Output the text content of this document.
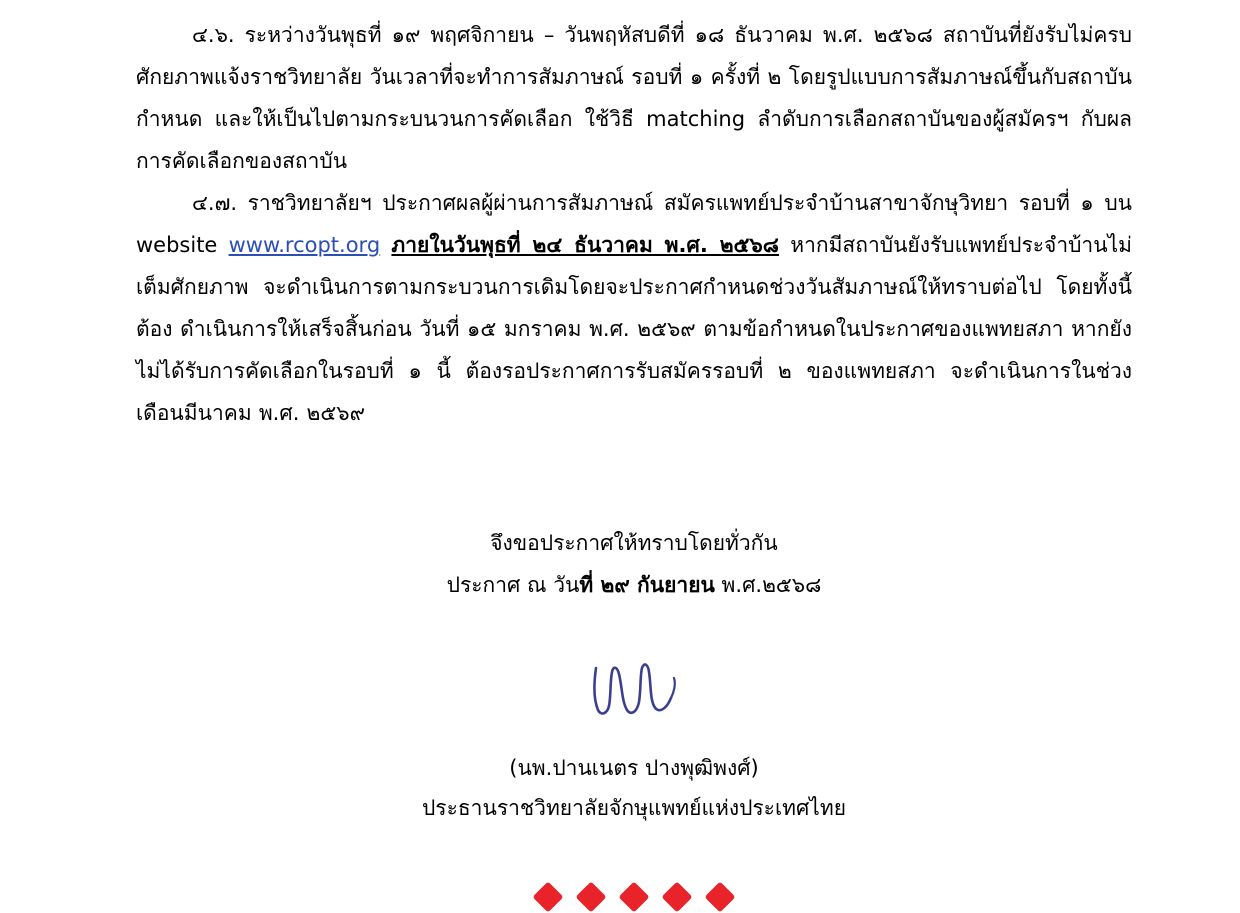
๔.๖. ระหว่างวันพุธที่ ๑๙ พฤศจิกายน – วันพฤหัสบดีที่ ๑๘ ธันวาคม พ.ศ. ๒๕๖๘ สถาบันที่ยังรับไม่ครบศักยภาพแจ้งราชวิทยาลัย วันเวลาที่จะทำการสัมภาษณ์ รอบที่ ๑ ครั้งที่ ๒ โดยรูปแบบการสัมภาษณ์ขึ้นกับสถาบันกำหนด และให้เป็นไปตามกระบนวนการคัดเลือก ใช้วิธี matching ลำดับการเลือกสถาบันของผู้สมัครฯ กับผลการคัดเลือกของสถาบัน

๔.๗. ราชวิทยาลัยฯ ประกาศผลผู้ผ่านการสัมภาษณ์ สมัครแพทย์ประจำบ้านสาขาจักษุวิทยา รอบที่ ๑ บน website www.rcopt.org ภายในวันพุธที่ ๒๔ ธันวาคม พ.ศ. ๒๕๖๘ หากมีสถาบันยังรับแพทย์ประจำบ้านไม่เต็มศักยภาพ จะดำเนินการตามกระบวนการเดิมโดยจะประกาศกำหนดช่วงวันสัมภาษณ์ให้ทราบต่อไป โดยทั้งนี้ต้อง ดำเนินการให้เสร็จสิ้นก่อน วันที่ ๑๕ มกราคม พ.ศ. ๒๕๖๙ ตามข้อกำหนดในประกาศของแพทยสภา หากยังไม่ได้รับการคัดเลือกในรอบที่ ๑ นี้ ต้องรอประกาศการรับสมัครรอบที่ ๒ ของแพทยสภา จะดำเนินการในช่วงเดือนมีนาคม พ.ศ. ๒๕๖๙

จึงขอประกาศให้ทราบโดยทั่วกัน
ประกาศ ณ วันที่ ๒๙ กันยายน พ.ศ.๒๕๖๘
(นพ.ปานเนตร ปางพุฒิพงศ์)
ประธานราชวิทยาลัยจักษุแพทย์แห่งประเทศไทย
